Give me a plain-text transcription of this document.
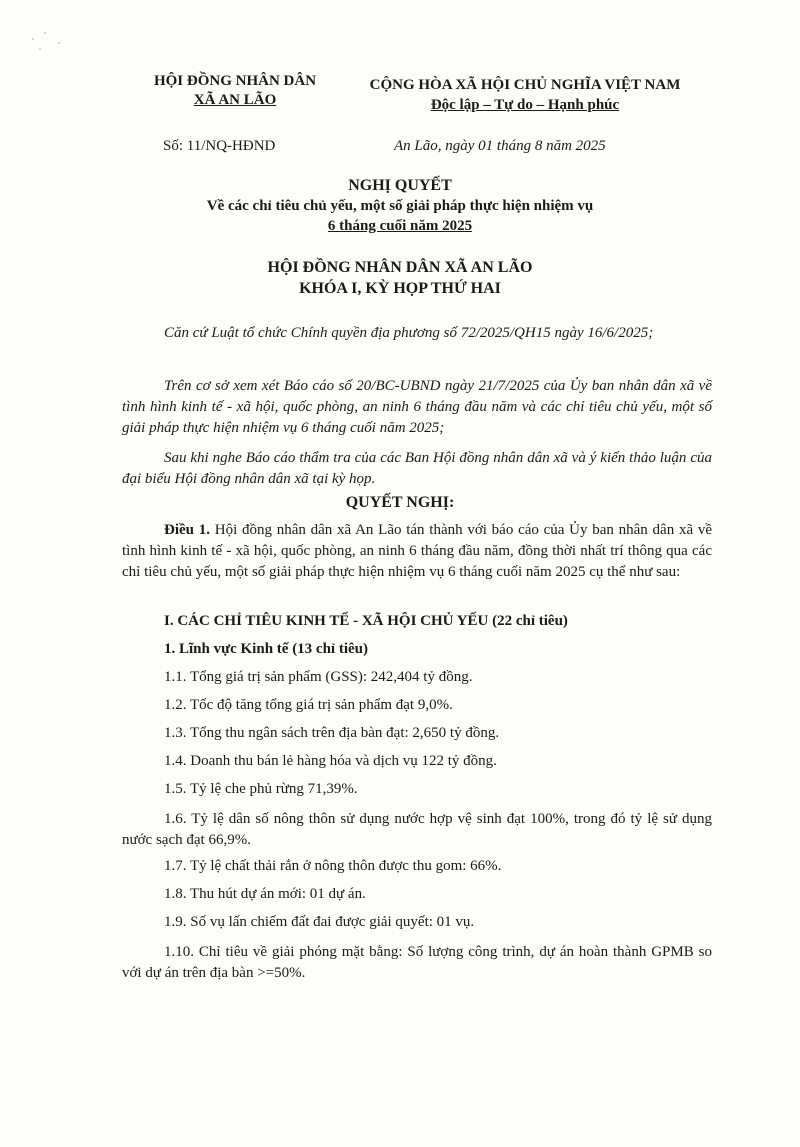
HỘI ĐỒNG NHÂN DÂN
XÃ AN LÃO
CỘNG HÒA XÃ HỘI CHỦ NGHĨA VIỆT NAM
Độc lập – Tự do – Hạnh phúc
Số: 11/NQ-HĐND	An Lão, ngày 01 tháng 8 năm 2025
NGHỊ QUYẾT
Về các chỉ tiêu chủ yếu, một số giải pháp thực hiện nhiệm vụ
6 tháng cuối năm 2025
HỘI ĐỒNG NHÂN DÂN XÃ AN LÃO
KHÓA I, KỲ HỌP THỨ HAI
Căn cứ Luật tổ chức Chính quyền địa phương số 72/2025/QH15 ngày 16/6/2025;
Trên cơ sở xem xét Báo cáo số 20/BC-UBND ngày 21/7/2025 của Ủy ban nhân dân xã về tình hình kinh tế - xã hội, quốc phòng, an ninh 6 tháng đầu năm và các chỉ tiêu chủ yếu, một số giải pháp thực hiện nhiệm vụ 6 tháng cuối năm 2025;
Sau khi nghe Báo cáo thẩm tra của các Ban Hội đồng nhân dân xã và ý kiến thảo luận của đại biểu Hội đồng nhân dân xã tại kỳ họp.
QUYẾT NGHỊ:
Điều 1. Hội đồng nhân dân xã An Lão tán thành với báo cáo của Ủy ban nhân dân xã về tình hình kinh tế - xã hội, quốc phòng, an ninh 6 tháng đầu năm, đồng thời nhất trí thông qua các chỉ tiêu chủ yếu, một số giải pháp thực hiện nhiệm vụ 6 tháng cuối năm 2025 cụ thể như sau:
I. CÁC CHỈ TIÊU KINH TẾ - XÃ HỘI CHỦ YẾU (22 chỉ tiêu)
1. Lĩnh vực Kinh tế (13 chỉ tiêu)
1.1. Tổng giá trị sản phẩm (GSS): 242,404 tỷ đồng.
1.2. Tốc độ tăng tổng giá trị sản phẩm đạt 9,0%.
1.3. Tổng thu ngân sách trên địa bàn đạt: 2,650 tỷ đồng.
1.4. Doanh thu bán lẻ hàng hóa và dịch vụ 122 tỷ đồng.
1.5. Tỷ lệ che phủ rừng 71,39%.
1.6. Tỷ lệ dân số nông thôn sử dụng nước hợp vệ sinh đạt 100%, trong đó tỷ lệ sử dụng nước sạch đạt 66,9%.
1.7. Tỷ lệ chất thải rắn ở nông thôn được thu gom: 66%.
1.8. Thu hút dự án mới: 01 dự án.
1.9. Số vụ lấn chiếm đất đai được giải quyết: 01 vụ.
1.10. Chỉ tiêu về giải phóng mặt bằng: Số lượng công trình, dự án hoàn thành GPMB so với dự án trên địa bàn >=50%.
